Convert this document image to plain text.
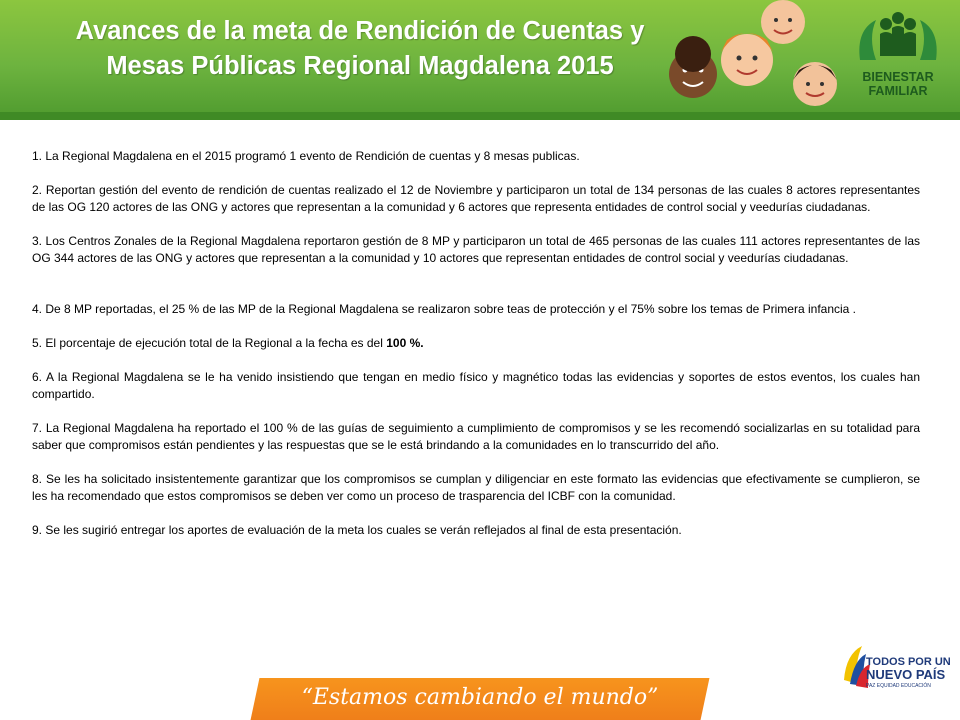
Avances de la meta de Rendición de Cuentas y
Mesas Públicas Regional Magdalena 2015	BIENESTAR
FAMILIAR

1. La Regional Magdalena en el 2015 programó 1 evento de Rendición de cuentas y 8 mesas publicas.

2. Reportan gestión del evento de rendición de cuentas realizado el 12 de Noviembre y participaron un total de 134 personas de las cuales 8 actores representantes de las OG 120 actores de las ONG y actores que representan a la comunidad y 6 actores que representa entidades de control social y veedurías ciudadanas.

3. Los Centros Zonales de la Regional Magdalena reportaron gestión de 8 MP y participaron un total de 465 personas de las cuales 111 actores representantes de las OG 344 actores de las ONG y actores que representan a la comunidad y 10 actores que representan entidades de control social y veedurías ciudadanas.

4. De 8 MP reportadas, el 25 % de las MP de la Regional Magdalena se realizaron sobre teas de protección y el 75% sobre los temas de Primera infancia .

5. El porcentaje de ejecución total de la Regional a la fecha es del 100 %.

6. A la Regional Magdalena se le ha venido insistiendo que tengan en medio físico y magnético todas las evidencias y soportes de estos eventos, los cuales han compartido.

7. La Regional Magdalena ha reportado el 100 % de las guías de seguimiento a cumplimiento de compromisos y se les recomendó socializarlas en su totalidad para saber que compromisos están pendientes y las respuestas que se le está brindando a la comunidades en lo transcurrido del año.

8. Se les ha solicitado insistentemente garantizar que los compromisos se cumplan y diligenciar en este formato las evidencias que efectivamente se cumplieron, se les ha recomendado que estos compromisos se deben ver como un proceso de trasparencia del ICBF con la comunidad.

9. Se les sugirió entregar los aportes de evaluación de la meta los cuales se verán reflejados al final de esta presentación.

“Estamos cambiando el mundo”
TODOS POR UN
NUEVO PAÍS
PAZ EQUIDAD EDUCACIÓN
